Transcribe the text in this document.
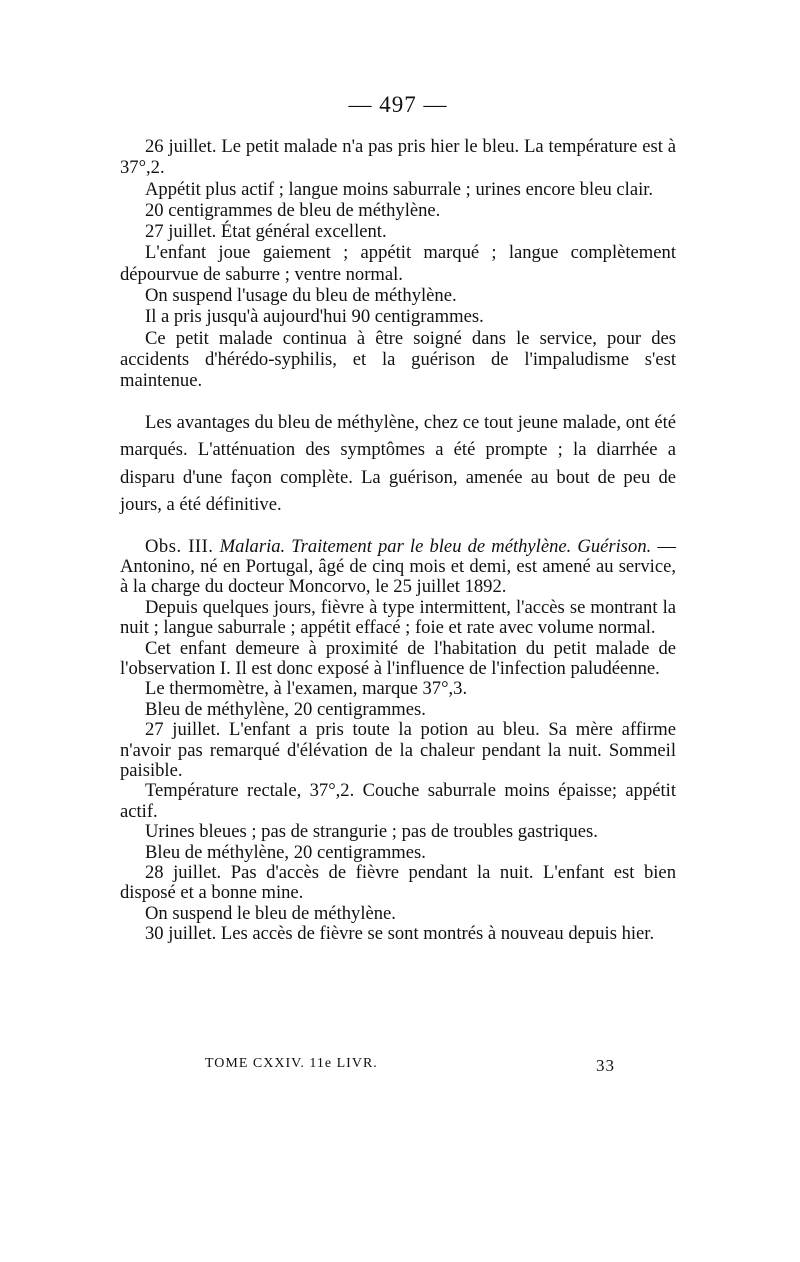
— 497 —

26 juillet. Le petit malade n'a pas pris hier le bleu. La température est à 37°,2.

Appétit plus actif ; langue moins saburrale ; urines encore bleu clair.

20 centigrammes de bleu de méthylène.

27 juillet. État général excellent.

L'enfant joue gaiement ; appétit marqué ; langue complètement dépourvue de saburre ; ventre normal.

On suspend l'usage du bleu de méthylène.

Il a pris jusqu'à aujourd'hui 90 centigrammes.

Ce petit malade continua à être soigné dans le service, pour des accidents d'hérédo-syphilis, et la guérison de l'impaludisme s'est maintenue.

Les avantages du bleu de méthylène, chez ce tout jeune malade, ont été marqués. L'atténuation des symptômes a été prompte ; la diarrhée a disparu d'une façon complète. La guérison, amenée au bout de peu de jours, a été définitive.

Obs. III. Malaria. Traitement par le bleu de méthylène. Guérison. — Antonino, né en Portugal, âgé de cinq mois et demi, est amené au service, à la charge du docteur Moncorvo, le 25 juillet 1892.

Depuis quelques jours, fièvre à type intermittent, l'accès se montrant la nuit ; langue saburrale ; appétit effacé ; foie et rate avec volume normal.

Cet enfant demeure à proximité de l'habitation du petit malade de l'observation I. Il est donc exposé à l'influence de l'infection paludéenne.

Le thermomètre, à l'examen, marque 37°,3.

Bleu de méthylène, 20 centigrammes.

27 juillet. L'enfant a pris toute la potion au bleu. Sa mère affirme n'avoir pas remarqué d'élévation de la chaleur pendant la nuit. Sommeil paisible.

Température rectale, 37°,2. Couche saburrale moins épaisse; appétit actif.

Urines bleues ; pas de strangurie ; pas de troubles gastriques.

Bleu de méthylène, 20 centigrammes.

28 juillet. Pas d'accès de fièvre pendant la nuit. L'enfant est bien disposé et a bonne mine.

On suspend le bleu de méthylène.

30 juillet. Les accès de fièvre se sont montrés à nouveau depuis hier.

TOME CXXIV. 11e LIVR.	33
